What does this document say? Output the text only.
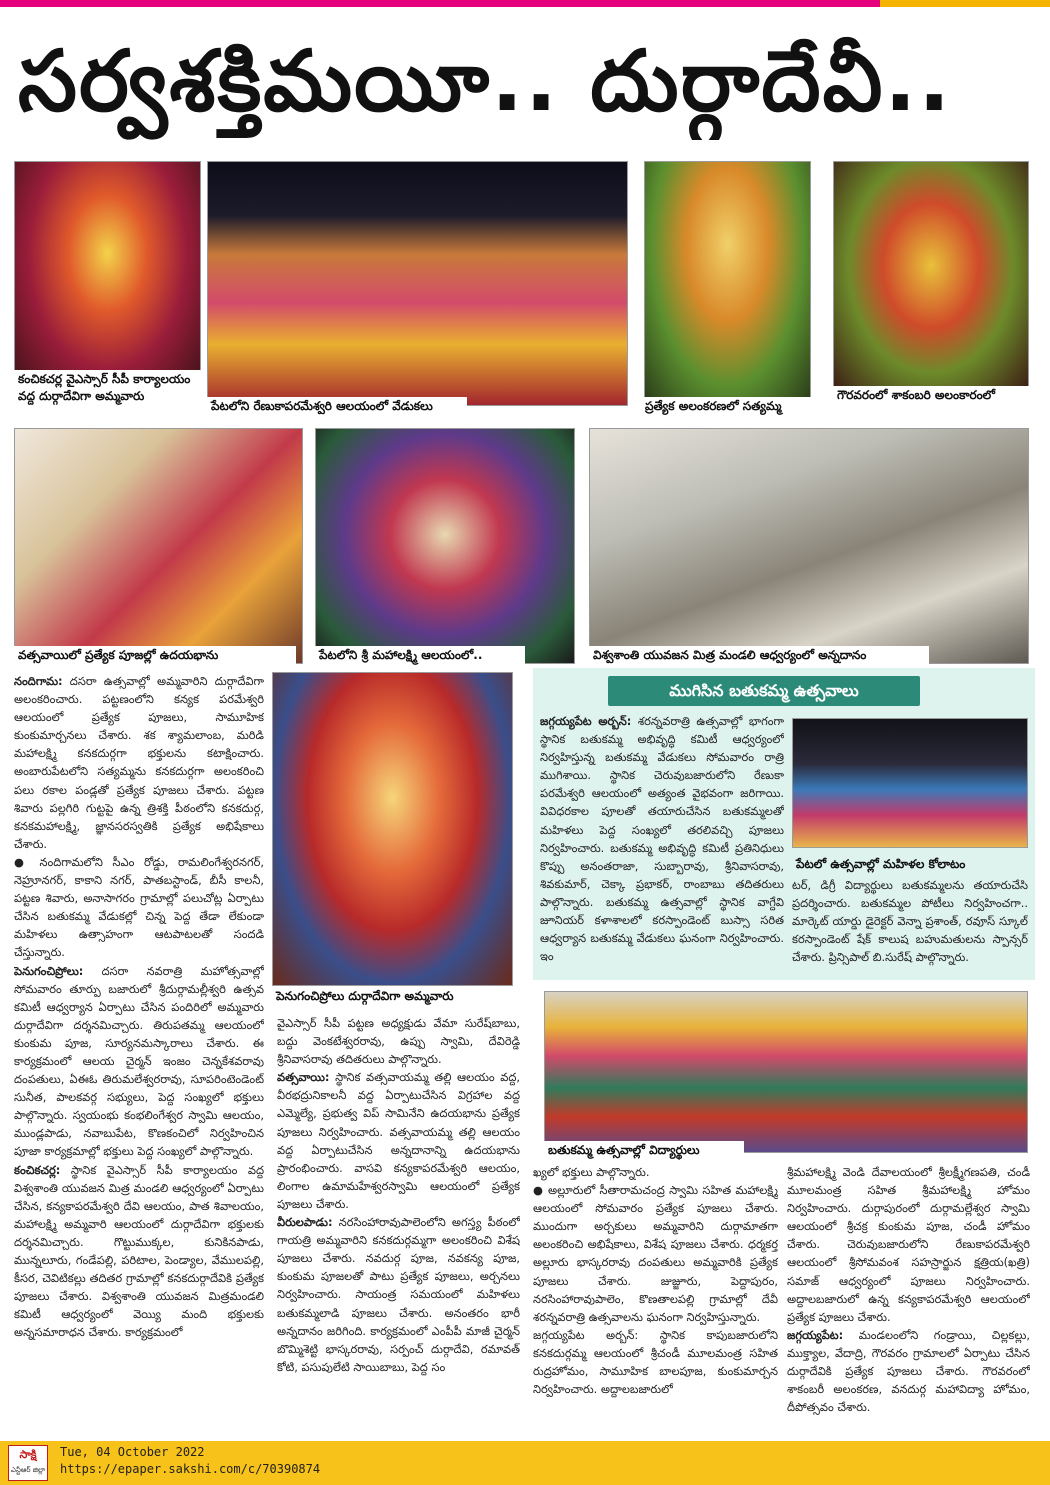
సర్వశక్తిమయీ.. దుర్గాదేవీ..
కంచికచర్ల వైఎస్సార్ సీపీ కార్యాలయం వద్ద దుర్గాదేవిగా అమ్మవారు
పేటలోని రేణుకాపరమేశ్వరి ఆలయంలో వేడుకలు	ప్రత్యేక అలంకరణలో సత్యమ్మ
గౌరవరంలో శాకంబరి అలంకారంలో
వత్సవాయిలో ప్రత్యేక పూజల్లో ఉదయభాను	పేటలోని శ్రీ మహాలక్ష్మి ఆలయంలో..	విశ్వశాంతి యువజన మిత్ర మండలి ఆధ్వర్యంలో అన్నదానం
పెనుగంచిప్రోలు దుర్గాదేవిగా అమ్మవారు

నందిగామ: దసరా ఉత్సవాల్లో అమ్మవారిని దుర్గాదేవిగా అలంకరించారు. పట్టణంలోని కన్యక పరమేశ్వరి ఆలయంలో ప్రత్యేక పూజలు, సామూహిక కుంకుమార్చనలు చేశారు. శక శ్యామలాంబ, మరిడి మహాలక్ష్మి కనకదుర్గగా భక్తులను కటాక్షించారు. అంబారుపేటలోని సత్యమ్మను కనకదుర్గగా అలంకరించి పలు రకాల పండ్లతో ప్రత్యేక పూజలు చేశారు. పట్టణ శివారు పల్లగిరి గుట్టపై ఉన్న త్రిశక్తి పీఠంలోని కనకదుర్గ, కనకమహాలక్ష్మి, జ్ఞానసరస్వతికి ప్రత్యేక అభిషేకాలు చేశారు.

● నందిగామలోని సీఎం రోడ్డు, రామలింగేశ్వరనగర్, నెహ్రూనగర్, కాకాని నగర్, పాతబస్టాండ్, బీసీ కాలనీ, పట్టణ శివారు, అనాసాగరం గ్రామాల్లో పలుచోట్ల ఏర్పాటు చేసిన బతుకమ్మ వేడుకల్లో చిన్న పెద్ద తేడా లేకుండా మహిళలు ఉత్సాహంగా ఆటపాటలతో సందడి చేస్తున్నారు.

పెనుగంచిప్రోలు: దసరా నవరాత్రి మహోత్సవాల్లో సోమవారం తూర్పు బజారులో శ్రీదుర్గామల్లీశ్వరి ఉత్సవ కమిటీ ఆధ్వర్యాన ఏర్పాటు చేసిన పందిరిలో అమ్మవారు దుర్గాదేవిగా దర్శనమిచ్చారు. తిరుపతమ్మ ఆలయంలో కుంకుమ పూజ, సూర్యనమస్కారాలు చేశారు. ఈ కార్యక్రమంలో ఆలయ చైర్మన్ ఇంజం చెన్నకేశవరావు దంపతులు, ఏఈఓ తిరుమలేశ్వరరావు, సూపరింటెండెంట్ సునీత, పాలకవర్గ సభ్యులు, పెద్ద సంఖ్యలో భక్తులు పాల్గొన్నారు. స్వయంభు కంభలింగేశ్వర స్వామి ఆలయం, ముండ్లపాడు, నవాబుపేట, కొణకంచిలో నిర్వహించిన పూజా కార్యక్రమాల్లో భక్తులు పెద్ద సంఖ్యలో పాల్గొన్నారు.

కంచికచర్ల: స్థానిక వైఎస్సార్ సీపీ కార్యాలయం వద్ద విశ్వశాంతి యువజన మిత్ర మండలి ఆధ్వర్యంలో ఏర్పాటు చేసిన, కన్యకాపరమేశ్వరి దేవి ఆలయం, పాత శివాలయం, మహాలక్ష్మి అమ్మవారి ఆలయంలో దుర్గాదేవిగా భక్తులకు దర్శనమిచ్చారు. గొట్టుముక్కల, కునికినపాడు, మున్నలూరు, గండేపల్లి, పరిటాల, పెండ్యాల, వేములపల్లి, కీసర, చెవిటికల్లు తదితర గ్రామాల్లో కనకదుర్గాదేవికి ప్రత్యేక పూజలు చేశారు. విశ్వశాంతి యువజన మిత్రమండలి కమిటీ ఆధ్వర్యంలో వెయ్యి మంది భక్తులకు అన్నసమారాధన చేశారు. కార్యక్రమంలో

వైఎస్సార్ సీపీ పట్టణ అధ్యక్షుడు వేమా సురేష్‌బాబు, బద్దు వెంకటేశ్వరరావు, ఉప్పు స్వామి, దేవిరెడ్డి శ్రీనివాసరావు తదితరులు పాల్గొన్నారు.

వత్సవాయి: స్థానిక వత్సవాయమ్మ తల్లి ఆలయం వద్ద, వీరభద్రునికాలనీ వద్ద ఏర్పాటుచేసిన విగ్రహాల వద్ద ఎమ్మెల్యే, ప్రభుత్వ విప్ సామినేని ఉదయభాను ప్రత్యేక పూజలు నిర్వహించారు. వత్సవాయమ్మ తల్లి ఆలయం వద్ద ఏర్పాటుచేసిన అన్నదానాన్ని ఉదయభాను ప్రారంభించారు. వాసవి కన్యకాపరమేశ్వరి ఆలయం, లింగాల ఉమామహేశ్వరస్వామి ఆలయంలో ప్రత్యేక పూజలు చేశారు.

వీరులపాడు: నరసింహారావుపాలెంలోని అగస్త్య పీఠంలో గాయత్రి అమ్మవారిని కనకదుర్గమ్మగా అలంకరించి విశేష పూజలు చేశారు. నవదుర్గ పూజ, నవకన్య పూజ, కుంకుమ పూజలతో పాటు ప్రత్యేక పూజలు, అర్చనలు నిర్వహించారు. సాయంత్ర సమయంలో మహిళలు బతుకమ్మలాడి పూజలు చేశారు. అనంతరం భారీ అన్నదానం జరిగింది. కార్యక్రమంలో ఎంపీపీ మాజీ చైర్మన్ బొమ్మిశెట్టి భాస్కరరావు, సర్పంచ్ దుర్గాదేవి, రమావత్ కోటి, పసుపులేటి సాయిబాబు, పెద్ద సం

ముగిసిన బతుకమ్మ ఉత్సవాలు

జగ్గయ్యపేట అర్బన్: శరన్నవరాత్రి ఉత్సవాల్లో భాగంగా స్థానిక బతుకమ్మ అభివృద్ధి కమిటీ ఆధ్వర్యంలో నిర్వహిస్తున్న బతుకమ్మ వేడుకలు సోమవారం రాత్రి ముగిశాయి. స్థానిక చెరువుబజారులోని రేణుకా పరమేశ్వరి ఆలయంలో అత్యంత వైభవంగా జరిగాయి. వివిధరకాల పూలతో తయారుచేసిన బతుకమ్మలతో మహిళలు పెద్ద సంఖ్యలో తరలివచ్చి పూజలు నిర్వహించారు. బతుకమ్మ అభివృద్ధి కమిటీ ప్రతినిధులు కొప్పు అనంతరాజా, సుబ్బారావు, శ్రీనివాసరావు, శివకుమార్, చెక్కా ప్రభాకర్, రాంబాబు తదితరులు పాల్గొన్నారు. బతుకమ్మ ఉత్సవాల్లో స్థానిక వాగ్దేవి జూనియర్ కళాశాలలో కరస్పాండెంట్ బుస్సా సరిత ఆధ్వర్యాన బతుకమ్మ వేడుకలు ఘనంగా నిర్వహించారు. ఇం

పేటలో ఉత్సవాల్లో మహిళల కోలాటం

టర్, డిగ్రీ విద్యార్థులు బతుకమ్మలను తయారుచేసి ప్రదర్శించారు. బతుకమ్మల పోటీలు నిర్వహించగా.. మార్కెట్ యార్డు డైరెక్టర్ వెన్నా ప్రశాంత్, రవూస్ స్కూల్ కరస్పాండెంట్ షేక్ కాలుష బహుమతులను స్పాన్సర్ చేశారు. ప్రిన్సిపాల్ బి.సురేష్ పాల్గొన్నారు.

బతుకమ్మ ఉత్సవాల్లో విద్యార్థులు

ఖ్యలో భక్తులు పాల్గొన్నారు.

● అల్లూరులో సీతారామచంద్ర స్వామి సహిత మహాలక్ష్మి ఆలయంలో సోమవారం ప్రత్యేక పూజలు చేశారు. ముందుగా అర్చకులు అమ్మవారిని దుర్గామాతగా అలంకరించి అభిషేకాలు, విశేష పూజలు చేశారు. ధర్మకర్త అల్లూరు భాస్కరరావు దంపతులు అమ్మవారికి ప్రత్యేక పూజలు చేశారు. జుజ్జూరు, పెద్దాపురం, నరసింహారావుపాలెం, కొణతాలపల్లి గ్రామాల్లో దేవీ శరన్నవరాత్రి ఉత్సవాలను ఘనంగా నిర్వహిస్తున్నారు.

జగ్గయ్యపేట అర్బన్: స్థానిక కాపుబజారులోని కనకదుర్గమ్మ ఆలయంలో శ్రీచండీ మూలమంత్ర సహిత రుద్రహోమం, సామూహిక బాలపూజ, కుంకుమార్చన నిర్వహించారు. అద్దాలబజారులో

శ్రీమహాలక్ష్మి వెండి దేవాలయంలో శ్రీలక్ష్మీగణపతి, చండీ మూలమంత్ర సహిత శ్రీమహాలక్ష్మి హోమం నిర్వహించారు. దుర్గాపురంలో దుర్గామల్లేశ్వర స్వామి ఆలయంలో శ్రీచక్ర కుంకుమ పూజ, చండీ హోమం చేశారు. చెరువుబజారులోని రేణుకాపరమేశ్వరి ఆలయంలో శ్రీసోమవంశ సహస్రార్జున క్షత్రియ(ఖత్రి) సమాజ్ ఆధ్వర్యంలో పూజలు నిర్వహించారు. అద్దాలబజారులో ఉన్న కన్యకాపరమేశ్వరి ఆలయంలో ప్రత్యేక పూజలు చేశారు.

జగ్గయ్యపేట: మండలంలోని గండ్రాయి, చిల్లకల్లు, ముక్త్యాల, వేదాద్రి, గౌరవరం గ్రామాలలో ఏర్పాటు చేసిన దుర్గాదేవికి ప్రత్యేక పూజలు చేశారు. గౌరవరంలో శాకంబరీ అలంకరణ, వనదుర్గ మహావిద్యా హోమం, దీపోత్సవం చేశారు.

సాక్షి
ఎన్టీఆర్ జిల్లా
Tue, 04 October 2022
https://epaper.sakshi.com/c/70390874
